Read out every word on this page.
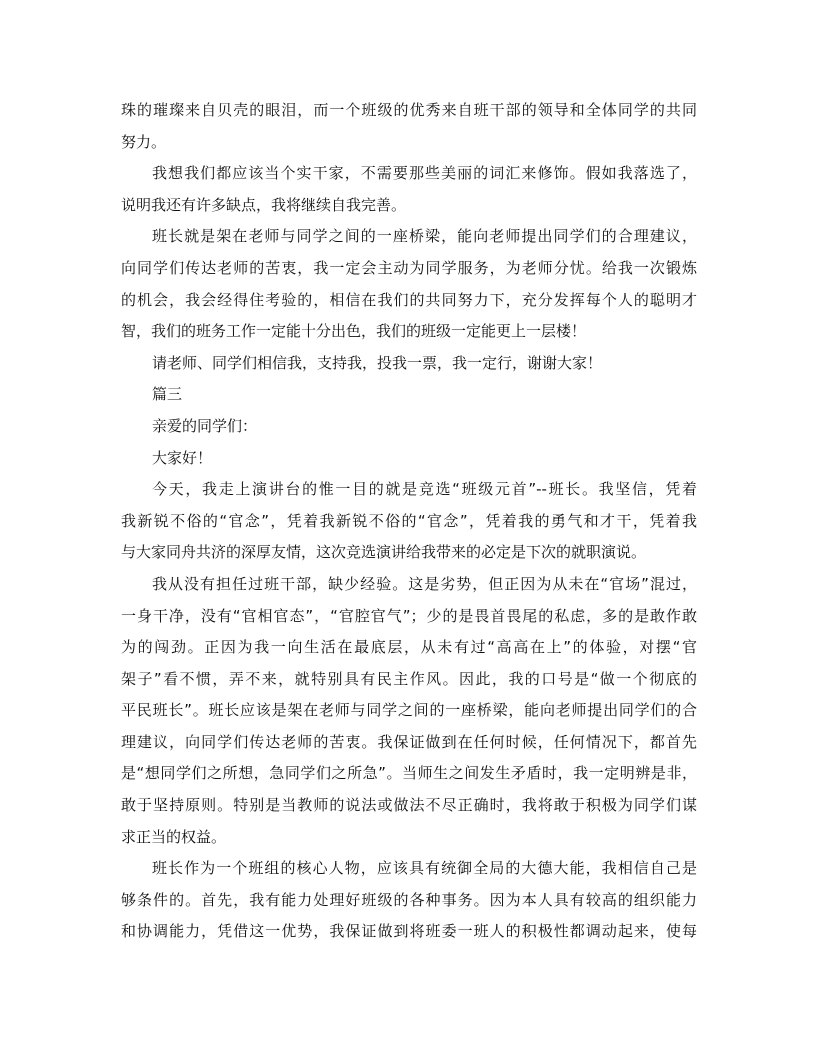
珠的璀璨来自贝壳的眼泪，而一个班级的优秀来自班干部的领导和全体同学的共同
努力。
我想我们都应该当个实干家，不需要那些美丽的词汇来修饰。假如我落选了，
说明我还有许多缺点，我将继续自我完善。
班长就是架在老师与同学之间的一座桥梁，能向老师提出同学们的合理建议，
向同学们传达老师的苦衷，我一定会主动为同学服务，为老师分忧。给我一次锻炼
的机会，我会经得住考验的，相信在我们的共同努力下，充分发挥每个人的聪明才
智，我们的班务工作一定能十分出色，我们的班级一定能更上一层楼！
请老师、同学们相信我，支持我，投我一票，我一定行，谢谢大家！
篇三
亲爱的同学们：
大家好！
今天，我走上演讲台的惟一目的就是竞选“班级元首”--班长。我坚信，凭着
我新锐不俗的“官念”，凭着我新锐不俗的“官念”，凭着我的勇气和才干，凭着我
与大家同舟共济的深厚友情，这次竞选演讲给我带来的必定是下次的就职演说。
我从没有担任过班干部，缺少经验。这是劣势，但正因为从未在“官场”混过，
一身干净，没有“官相官态”，“官腔官气”；少的是畏首畏尾的私虑，多的是敢作敢
为的闯劲。正因为我一向生活在最底层，从未有过“高高在上”的体验，对摆“官
架子”看不惯，弄不来，就特别具有民主作风。因此，我的口号是“做一个彻底的
平民班长”。班长应该是架在老师与同学之间的一座桥梁，能向老师提出同学们的合
理建议，向同学们传达老师的苦衷。我保证做到在任何时候，任何情况下，都首先
是“想同学们之所想，急同学们之所急”。当师生之间发生矛盾时，我一定明辨是非，
敢于坚持原则。特别是当教师的说法或做法不尽正确时，我将敢于积极为同学们谋
求正当的权益。
班长作为一个班组的核心人物，应该具有统御全局的大德大能，我相信自己是
够条件的。首先，我有能力处理好班级的各种事务。因为本人具有较高的组织能力
和协调能力，凭借这一优势，我保证做到将班委一班人的积极性都调动起来，使每
